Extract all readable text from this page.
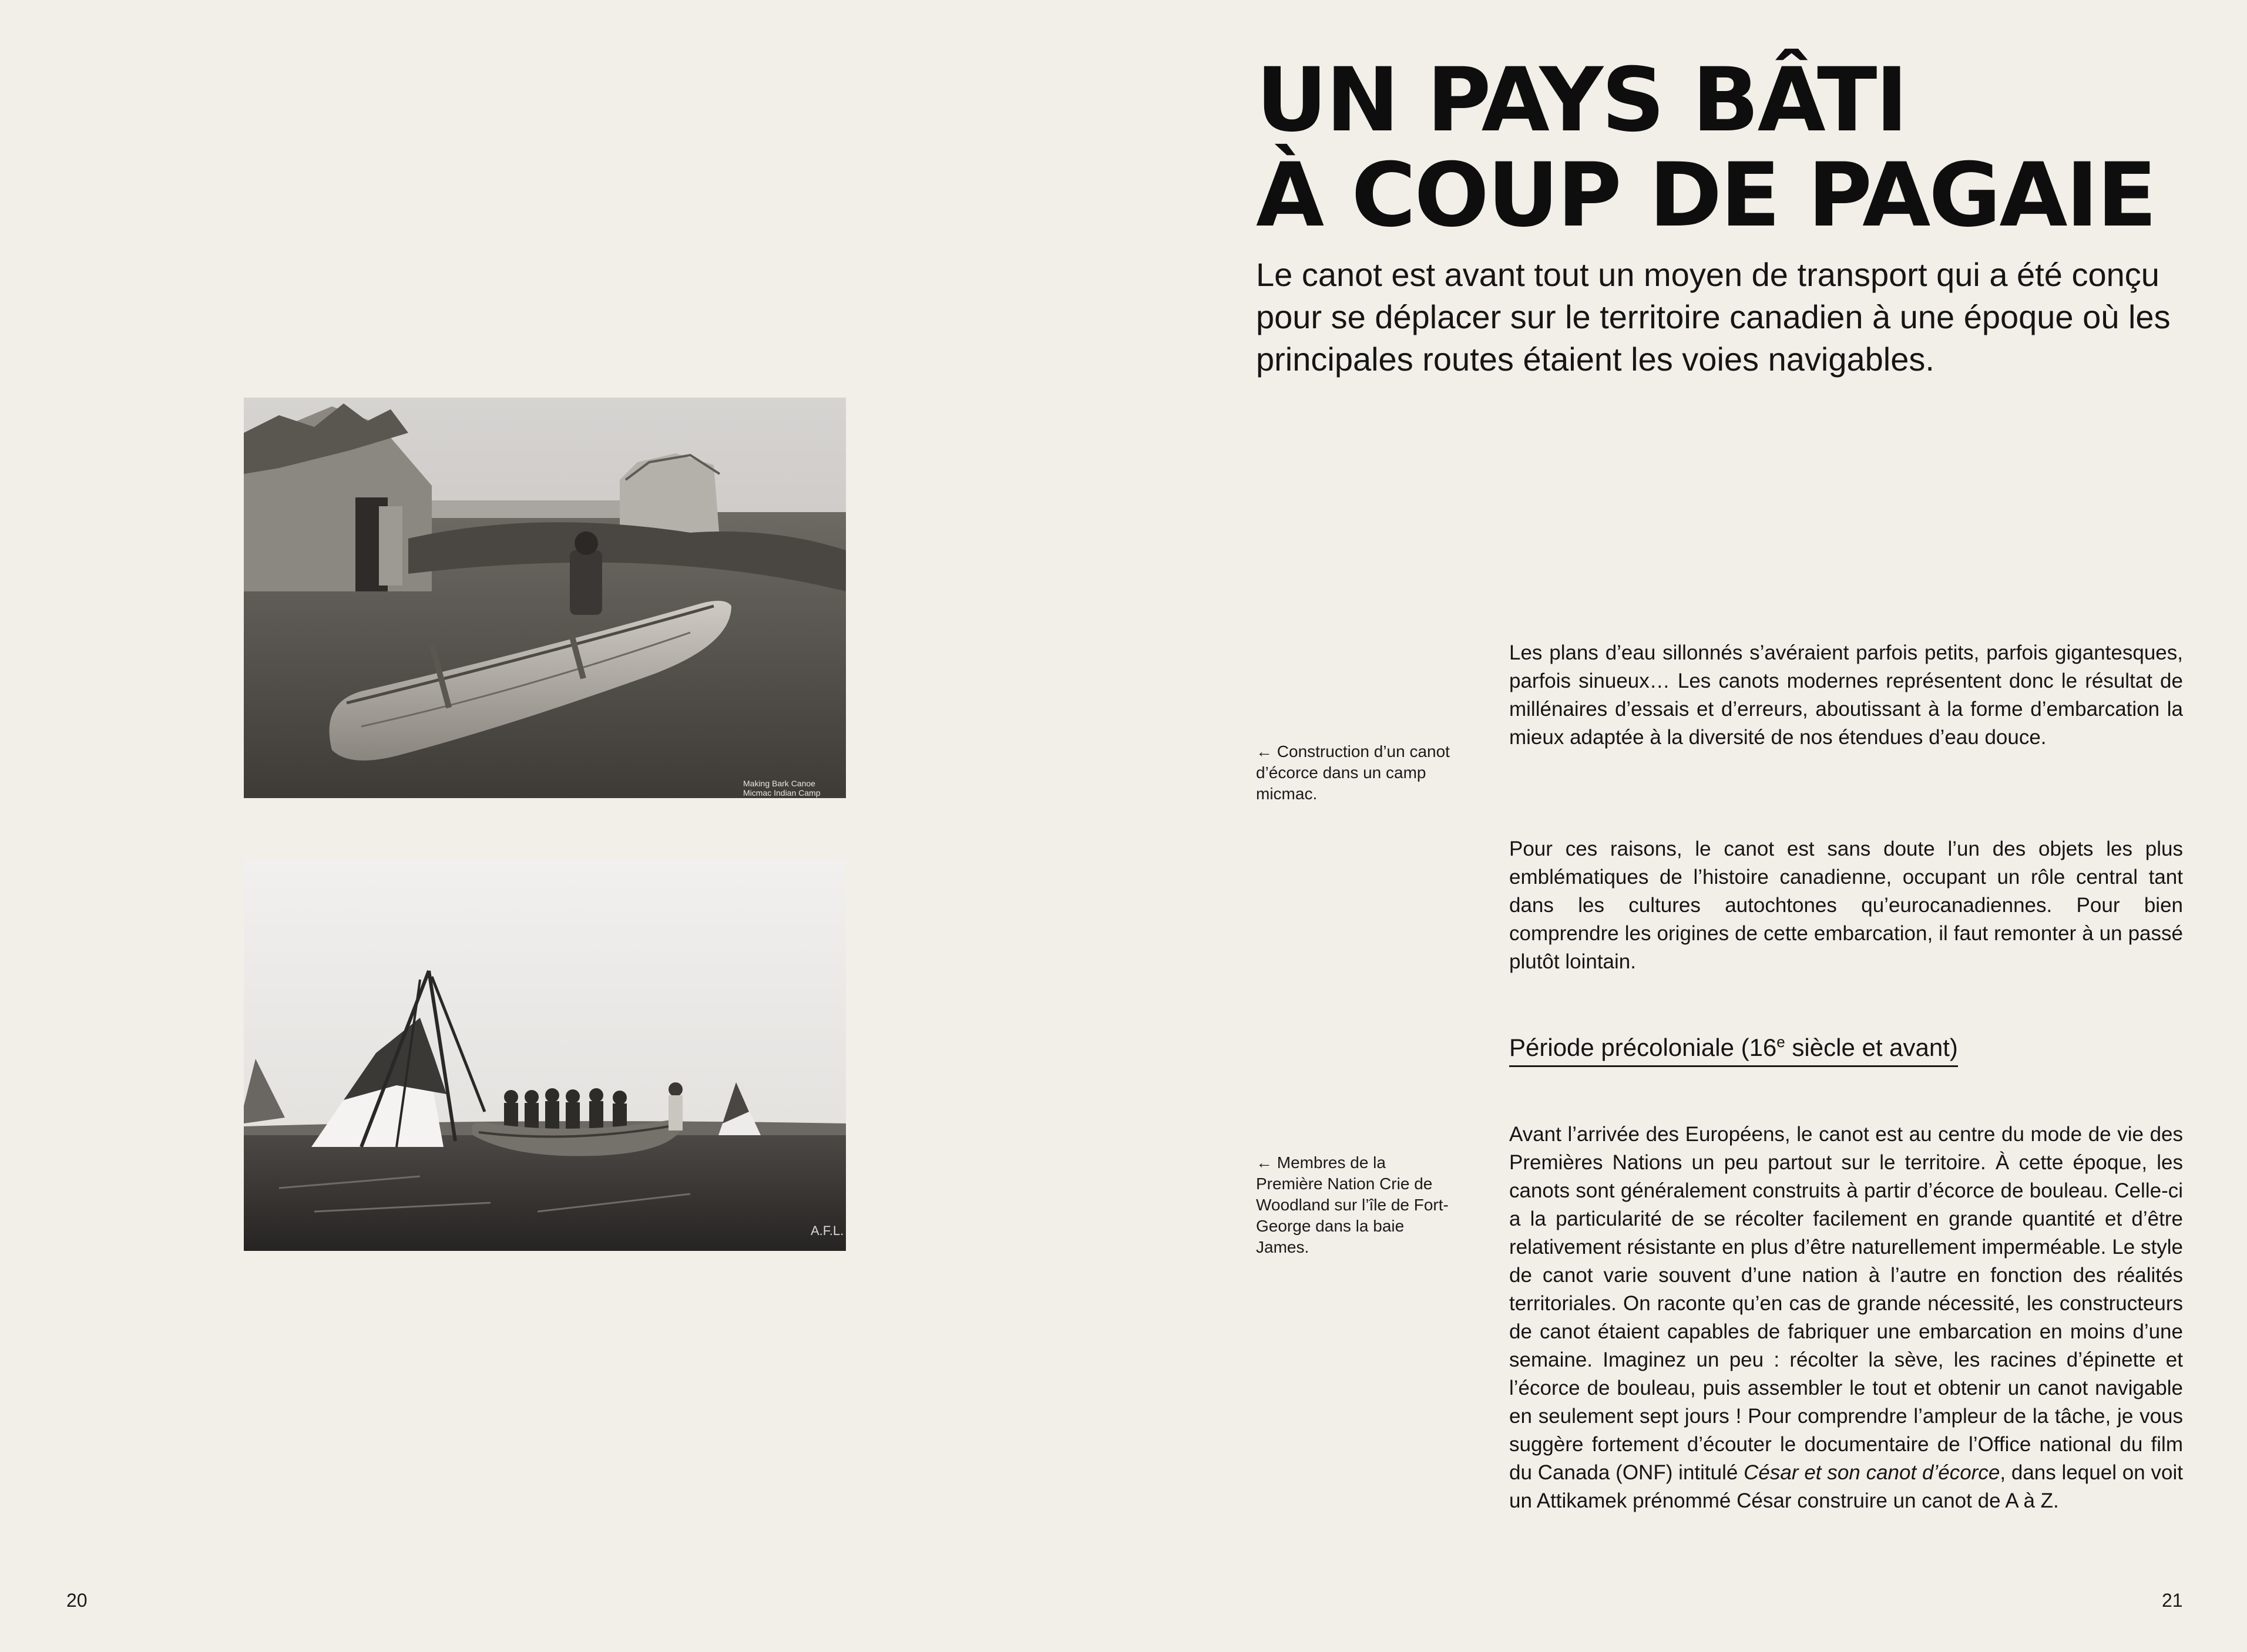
Making Bark Canoe
Micmac Indian Camp
A.F.L.
UN PAYS BÂTI
À COUP DE PAGAIE

Le canot est avant tout un moyen de transport qui a été conçu pour se déplacer sur le territoire canadien à une époque où les principales routes étaient les voies navigables.

← Construction d’un canot d’écorce dans un camp micmac.

← Membres de la Première Nation Crie de Woodland sur l’île de Fort-George dans la baie James.

Les plans d’eau sillonnés s’avéraient parfois petits, parfois gigantesques, parfois sinueux… Les canots modernes représentent donc le résultat de millénaires d’essais et d’erreurs, aboutissant à la forme d’embarcation la mieux adaptée à la diversité de nos étendues d’eau douce.

Pour ces raisons, le canot est sans doute l’un des objets les plus emblématiques de l’histoire canadienne, occupant un rôle central tant dans les cultures autochtones qu’eurocanadiennes. Pour bien comprendre les origines de cette embarcation, il faut remonter à un passé plutôt lointain.

Période précoloniale (16e siècle et avant)

Avant l’arrivée des Européens, le canot est au centre du mode de vie des Premières Nations un peu partout sur le territoire. À cette époque, les canots sont généralement construits à partir d’écorce de bouleau. Celle-ci a la particularité de se récolter facilement en grande quantité et d’être relativement résistante en plus d’être naturellement imperméable. Le style de canot varie souvent d’une nation à l’autre en fonction des réalités territoriales. On raconte qu’en cas de grande nécessité, les constructeurs de canot étaient capables de fabriquer une embarcation en moins d’une semaine. Imaginez un peu : récolter la sève, les racines d’épinette et l’écorce de bouleau, puis assembler le tout et obtenir un canot navigable en seulement sept jours ! Pour comprendre l’ampleur de la tâche, je vous suggère fortement d’écouter le documentaire de l’Office national du film du Canada (ONF) intitulé César et son canot d’écorce, dans lequel on voit un Attikamek prénommé César construire un canot de A à Z.

20	21
